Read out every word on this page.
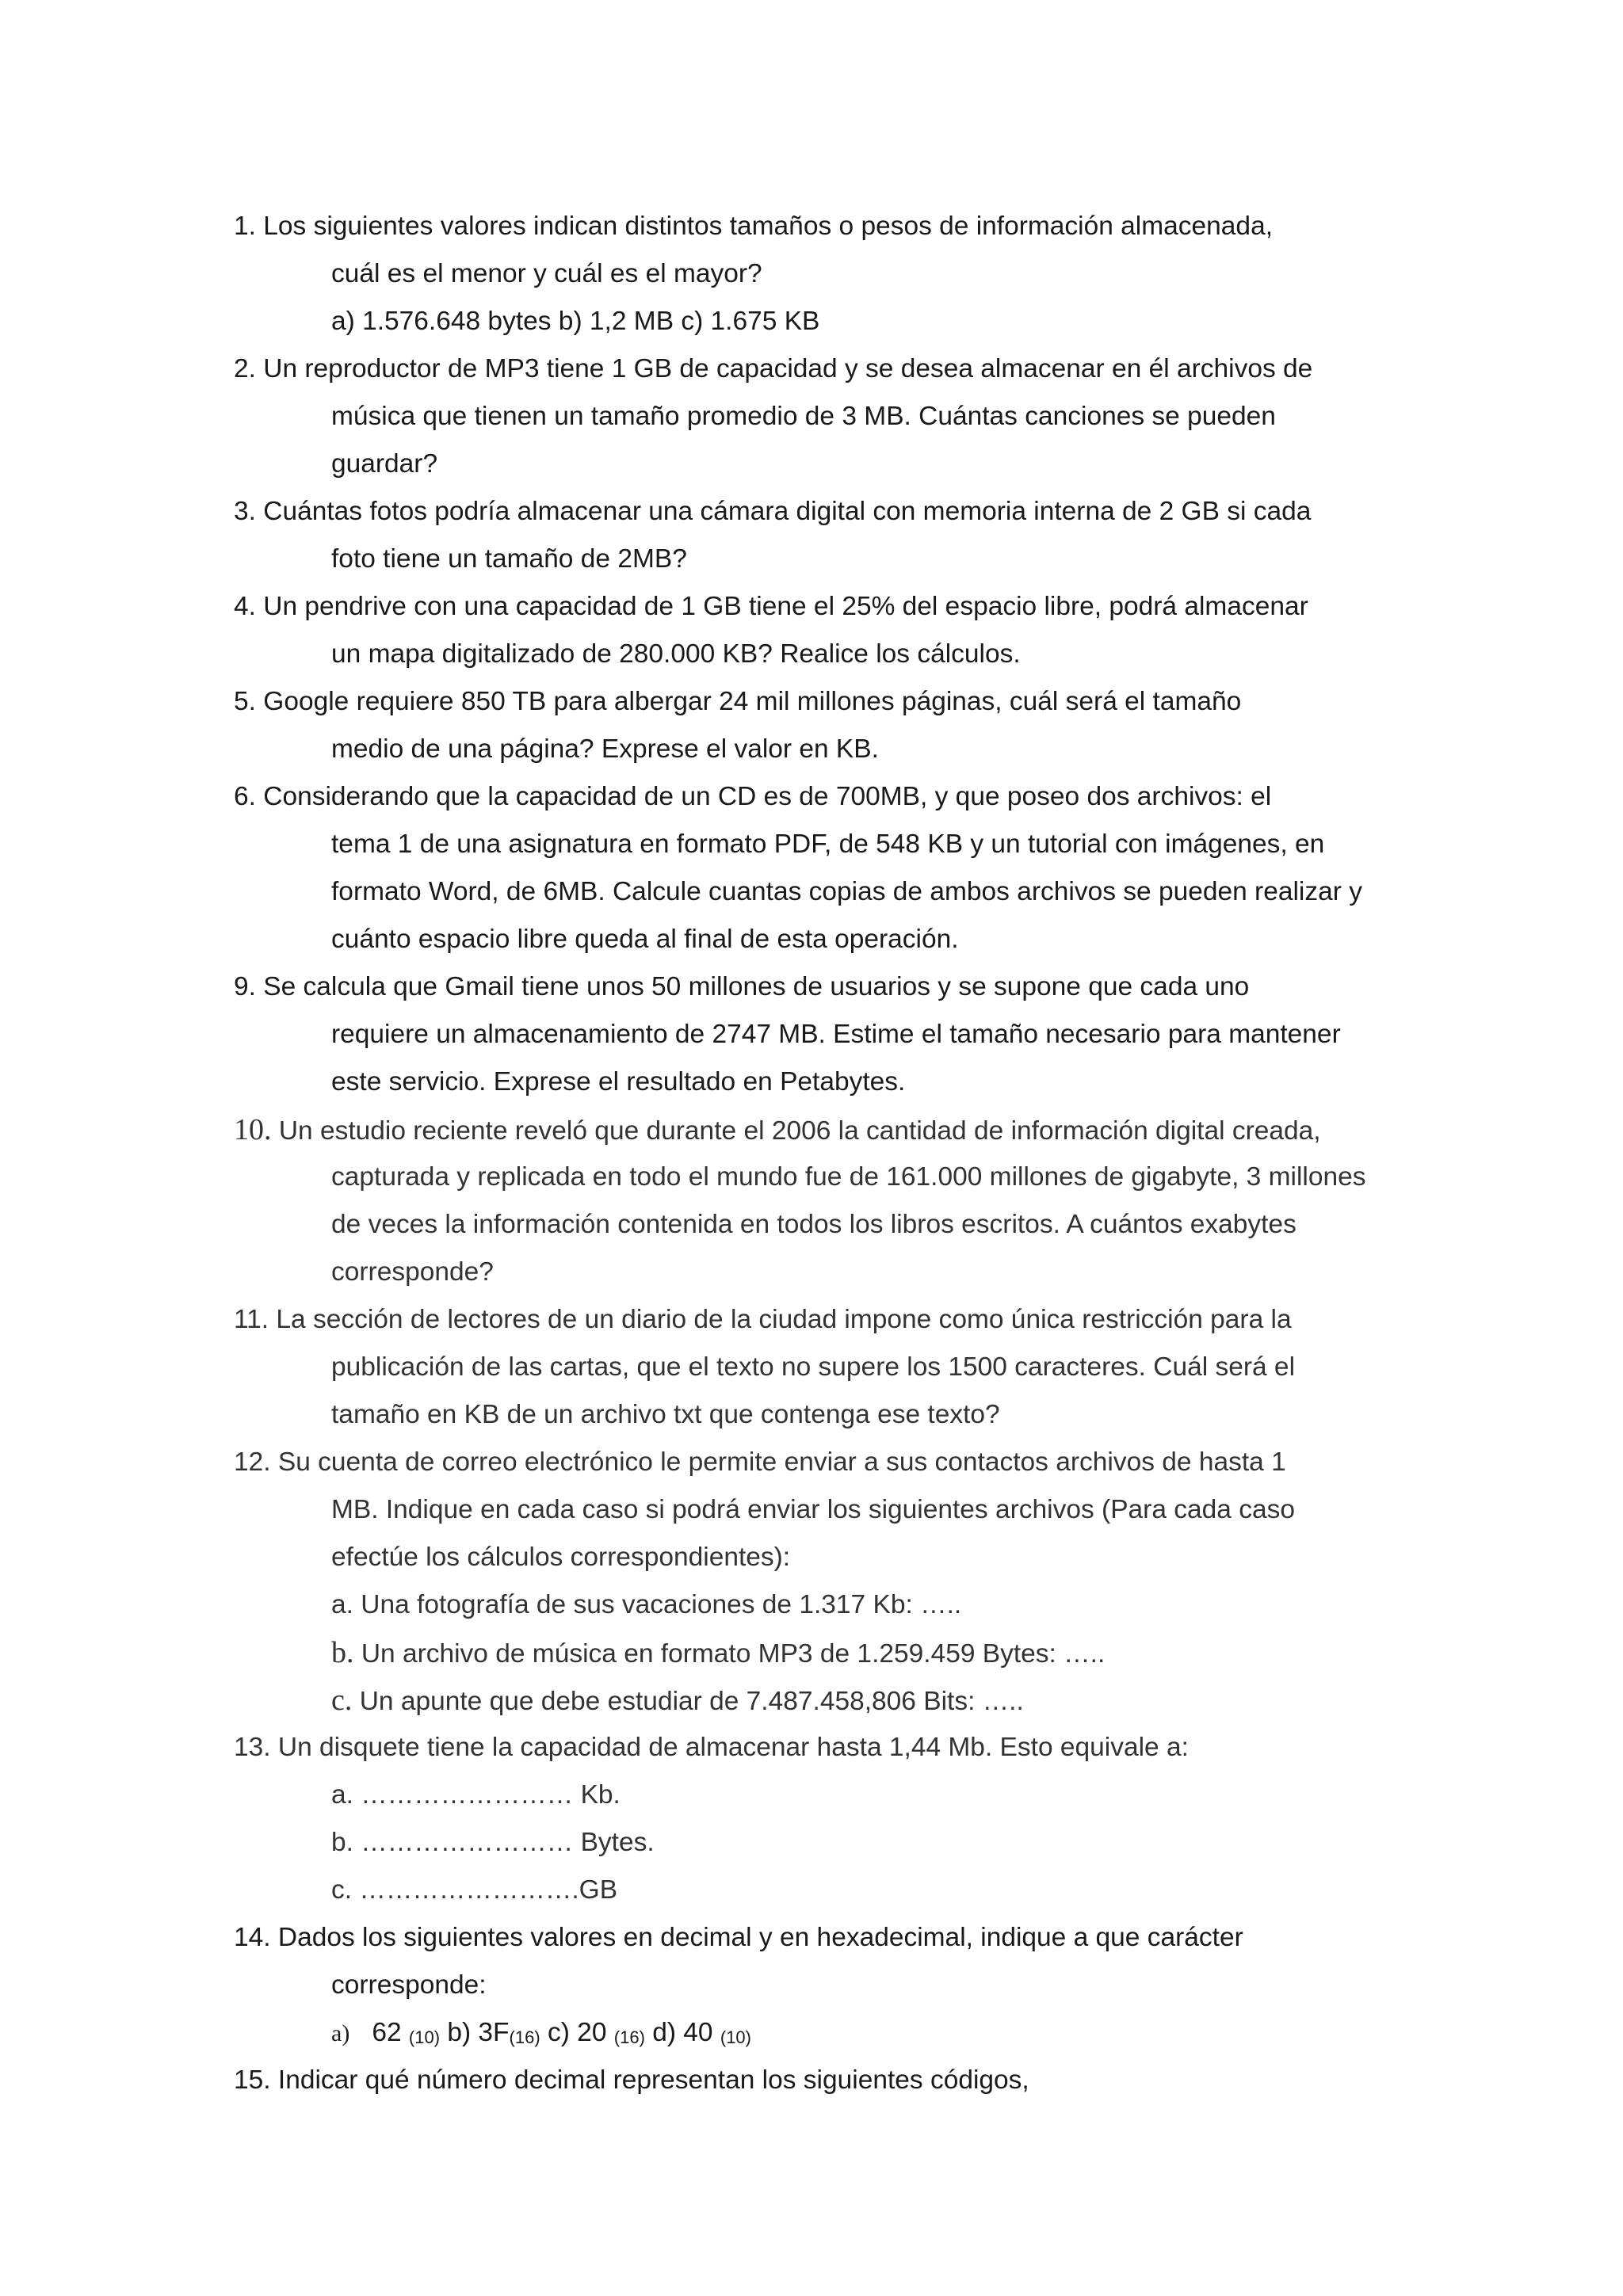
1. Los siguientes valores indican distintos tamaños o pesos de información almacenada,
cuál es el menor y cuál es el mayor?
a) 1.576.648 bytes b) 1,2 MB c) 1.675 KB
2. Un reproductor de MP3 tiene 1 GB de capacidad y se desea almacenar en él archivos de
música que tienen un tamaño promedio de 3 MB. Cuántas canciones se pueden
guardar?
3. Cuántas fotos podría almacenar una cámara digital con memoria interna de 2 GB si cada
foto tiene un tamaño de 2MB?
4. Un pendrive con una capacidad de 1 GB tiene el 25% del espacio libre, podrá almacenar
un mapa digitalizado de 280.000 KB? Realice los cálculos.
5. Google requiere 850 TB para albergar 24 mil millones páginas, cuál será el tamaño
medio de una página? Exprese el valor en KB.
6. Considerando que la capacidad de un CD es de 700MB, y que poseo dos archivos: el
tema 1 de una asignatura en formato PDF, de 548 KB y un tutorial con imágenes, en
formato Word, de 6MB. Calcule cuantas copias de ambos archivos se pueden realizar y
cuánto espacio libre queda al final de esta operación.
9. Se calcula que Gmail tiene unos 50 millones de usuarios y se supone que cada uno
requiere un almacenamiento de 2747 MB. Estime el tamaño necesario para mantener
este servicio. Exprese el resultado en Petabytes.
10. Un estudio reciente reveló que durante el 2006 la cantidad de información digital creada,
capturada y replicada en todo el mundo fue de 161.000 millones de gigabyte, 3 millones
de veces la información contenida en todos los libros escritos. A cuántos exabytes
corresponde?
11. La sección de lectores de un diario de la ciudad impone como única restricción para la
publicación de las cartas, que el texto no supere los 1500 caracteres. Cuál será el
tamaño en KB de un archivo txt que contenga ese texto?
12. Su cuenta de correo electrónico le permite enviar a sus contactos archivos de hasta 1
MB. Indique en cada caso si podrá enviar los siguientes archivos (Para cada caso
efectúe los cálculos correspondientes):
a. Una fotografía de sus vacaciones de 1.317 Kb: …..
b. Un archivo de música en formato MP3 de 1.259.459 Bytes: …..
c. Un apunte que debe estudiar de 7.487.458,806 Bits: …..
13. Un disquete tiene la capacidad de almacenar hasta 1,44 Mb. Esto equivale a:
a. …………………… Kb.
b. …………………… Bytes.
c. …………………….GB
14. Dados los siguientes valores en decimal y en hexadecimal, indique a que carácter
corresponde:
a) 62 $_{(10)}$ b) $3F_{(16)}$ c) 20 $_{(16)}$ d) 40 $_{(10)}$
15. Indicar qué número decimal representan los siguientes códigos,
